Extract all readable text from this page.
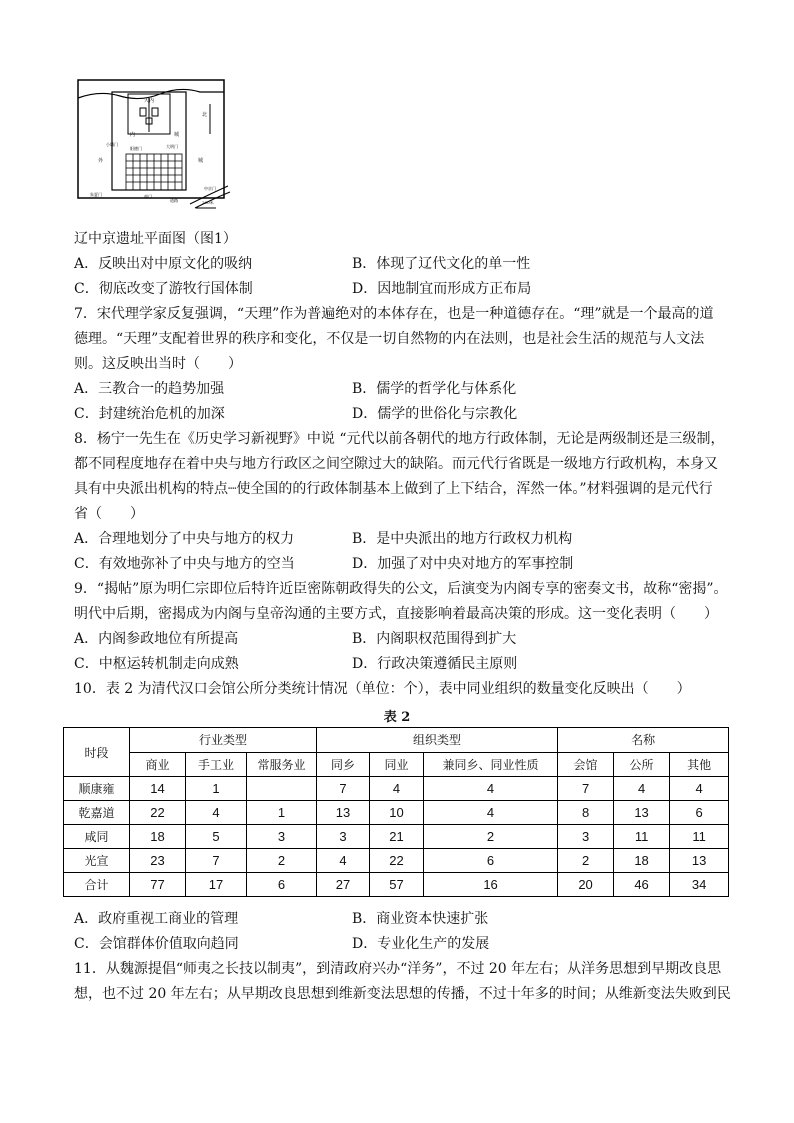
大内
内	城
外	城
北
小城门
阳德门	大明门
朱夏门	南门
中京门
道路	200米
辽中京遗址平面图（图1）
A．反映出对中原文化的吸纳	B．体现了辽代文化的单一性
C．彻底改变了游牧行国体制	D．因地制宜而形成方正布局
7．宋代理学家反复强调，“天理”作为普遍绝对的本体存在，也是一种道德存在。“理”就是一个最高的道
德理。“天理”支配着世界的秩序和变化，不仅是一切自然物的内在法则，也是社会生活的规范与人文法
则。这反映出当时（　　）
A．三教合一的趋势加强	B．儒学的哲学化与体系化
C．封建统治危机的加深	D．儒学的世俗化与宗教化
8．杨宁一先生在《历史学习新视野》中说 “元代以前各朝代的地方行政体制，无论是两级制还是三级制，
都不同程度地存在着中央与地方行政区之间空隙过大的缺陷。而元代行省既是一级地方行政机构，本身又
具有中央派出机构的特点┈使全国的的行政体制基本上做到了上下结合，浑然一体。”材料强调的是元代行
省（　　）
A．合理地划分了中央与地方的权力	B．是中央派出的地方行政权力机构
C．有效地弥补了中央与地方的空当	D．加强了对中央对地方的军事控制
9．“揭帖”原为明仁宗即位后特许近臣密陈朝政得失的公文，后演变为内阁专享的密奏文书，故称“密揭”。
明代中后期，密揭成为内阁与皇帝沟通的主要方式，直接影响着最高决策的形成。这一变化表明（　　）
A．内阁参政地位有所提高	B．内阁职权范围得到扩大
C．中枢运转机制走向成熟	D．行政决策遵循民主原则
10．表 2 为清代汉口会馆公所分类统计情况（单位：个），表中同业组织的数量变化反映出（　　）
表 2
时段	行业类型			组织类型			名称		
	商业	手工业	常服务业	同乡	同业	兼同乡、同业性质	会馆	公所	其他
顺康雍	14	1		7	4	4	7	4	4
乾嘉道	22	4	1	13	10	4	8	13	6
咸同	18	5	3	3	21	2	3	11	11
光宣	23	7	2	4	22	6	2	18	13
合计	77	17	6	27	57	16	20	46	34
A．政府重视工商业的管理	B．商业资本快速扩张
C．会馆群体价值取向趋同	D．专业化生产的发展
11．从魏源提倡“师夷之长技以制夷”，到清政府兴办“洋务”，不过 20 年左右；从洋务思想到早期改良思
想，也不过 20 年左右；从早期改良思想到维新变法思想的传播，不过十年多的时间；从维新变法失败到民
